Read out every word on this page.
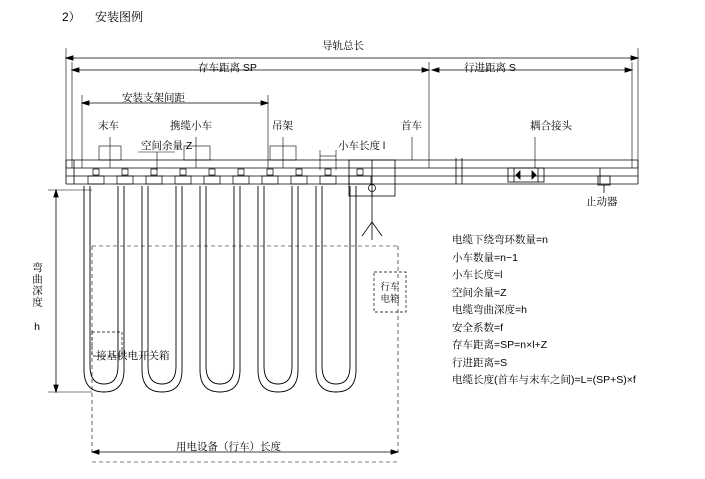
2） 安装图例
导轨总长
存车距离 SP	行进距离 S
安装支架间距
末车	携缆小车	吊架	首车	耦合接头
空间余量 Z	小车长度 l
止动器
接基供电开关箱
行车
电箱
弯曲深度 h
用电设备（行车）长度
电缆下绕弯环数量=n
小车数量=n−1
小车长度=l
空间余量=Z
电缆弯曲深度=h
安全系数=f
存车距离=SP=n×l+Z
行进距离=S
电缆长度(首车与末车之间)=L=(SP+S)×f
